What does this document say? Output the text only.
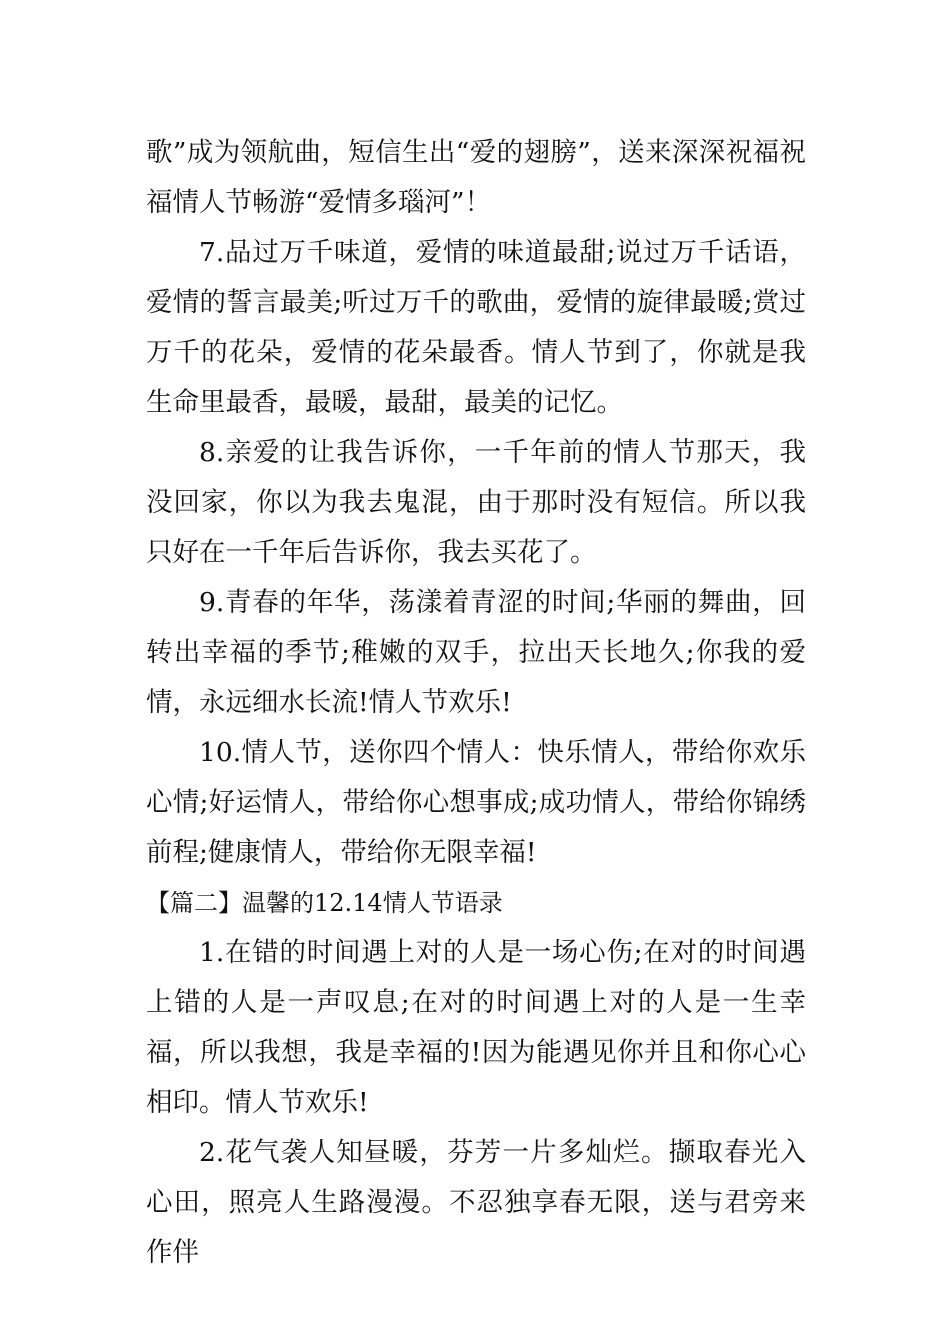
歌”成为领航曲，短信生出“爱的翅膀”，送来深深祝福祝福情人节畅游“爱情多瑙河”！

7.品过万千味道，爱情的味道最甜;说过万千话语，爱情的誓言最美;听过万千的歌曲，爱情的旋律最暖;赏过万千的花朵，爱情的花朵最香。情人节到了，你就是我生命里最香，最暖，最甜，最美的记忆。

8.亲爱的让我告诉你，一千年前的情人节那天，我没回家，你以为我去鬼混，由于那时没有短信。所以我只好在一千年后告诉你，我去买花了。

9.青春的年华，荡漾着青涩的时间;华丽的舞曲，回转出幸福的季节;稚嫩的双手，拉出天长地久;你我的爱情，永远细水长流!情人节欢乐!

10.情人节，送你四个情人：快乐情人，带给你欢乐心情;好运情人，带给你心想事成;成功情人，带给你锦绣前程;健康情人，带给你无限幸福!

【篇二】温馨的12.14情人节语录

1.在错的时间遇上对的人是一场心伤;在对的时间遇上错的人是一声叹息;在对的时间遇上对的人是一生幸福，所以我想，我是幸福的!因为能遇见你并且和你心心相印。情人节欢乐!

2.花气袭人知昼暖，芬芳一片多灿烂。撷取春光入心田，照亮人生路漫漫。不忍独享春无限，送与君旁来作伴
